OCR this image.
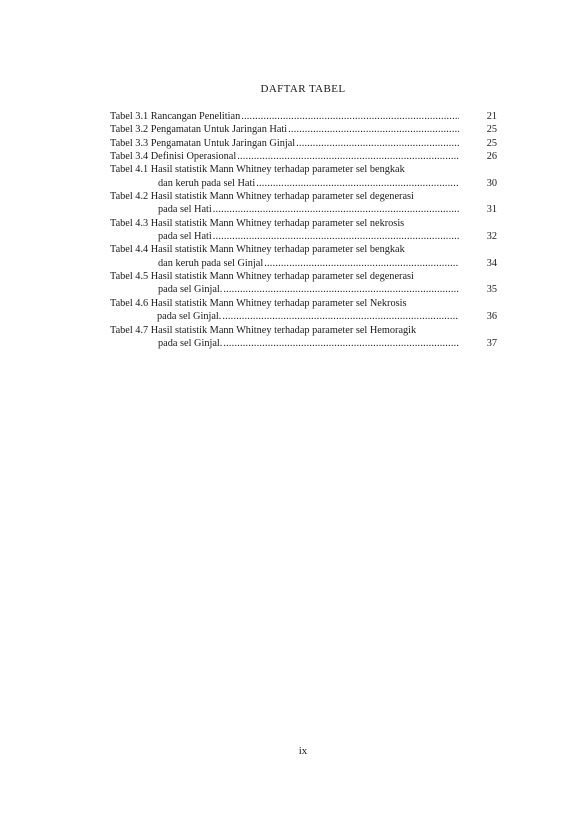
DAFTAR TABEL
Tabel 3.1 Rancangan Penelitian .....	21
Tabel 3.2 Pengamatan Untuk Jaringan Hati .....	25
Tabel 3.3 Pengamatan Untuk Jaringan Ginjal .....	25
Tabel 3.4 Definisi Operasional .....	26
Tabel 4.1 Hasil statistik Mann Whitney terhadap parameter sel bengkak
dan keruh pada sel Hati .....	30
Tabel 4.2 Hasil statistik Mann Whitney terhadap parameter sel degenerasi
pada sel Hati .....	31
Tabel 4.3 Hasil statistik Mann Whitney terhadap parameter sel nekrosis
pada sel Hati .....	32
Tabel 4.4 Hasil statistik Mann Whitney terhadap parameter sel bengkak
dan keruh pada sel Ginjal .....	34
Tabel 4.5 Hasil statistik Mann Whitney terhadap parameter sel degenerasi
pada sel Ginjal. .....	35
Tabel 4.6 Hasil statistik Mann Whitney terhadap parameter sel Nekrosis
pada sel Ginjal. .....	36
Tabel 4.7 Hasil statistik Mann Whitney terhadap parameter sel Hemoragik
pada sel Ginjal. .....	37
ix
